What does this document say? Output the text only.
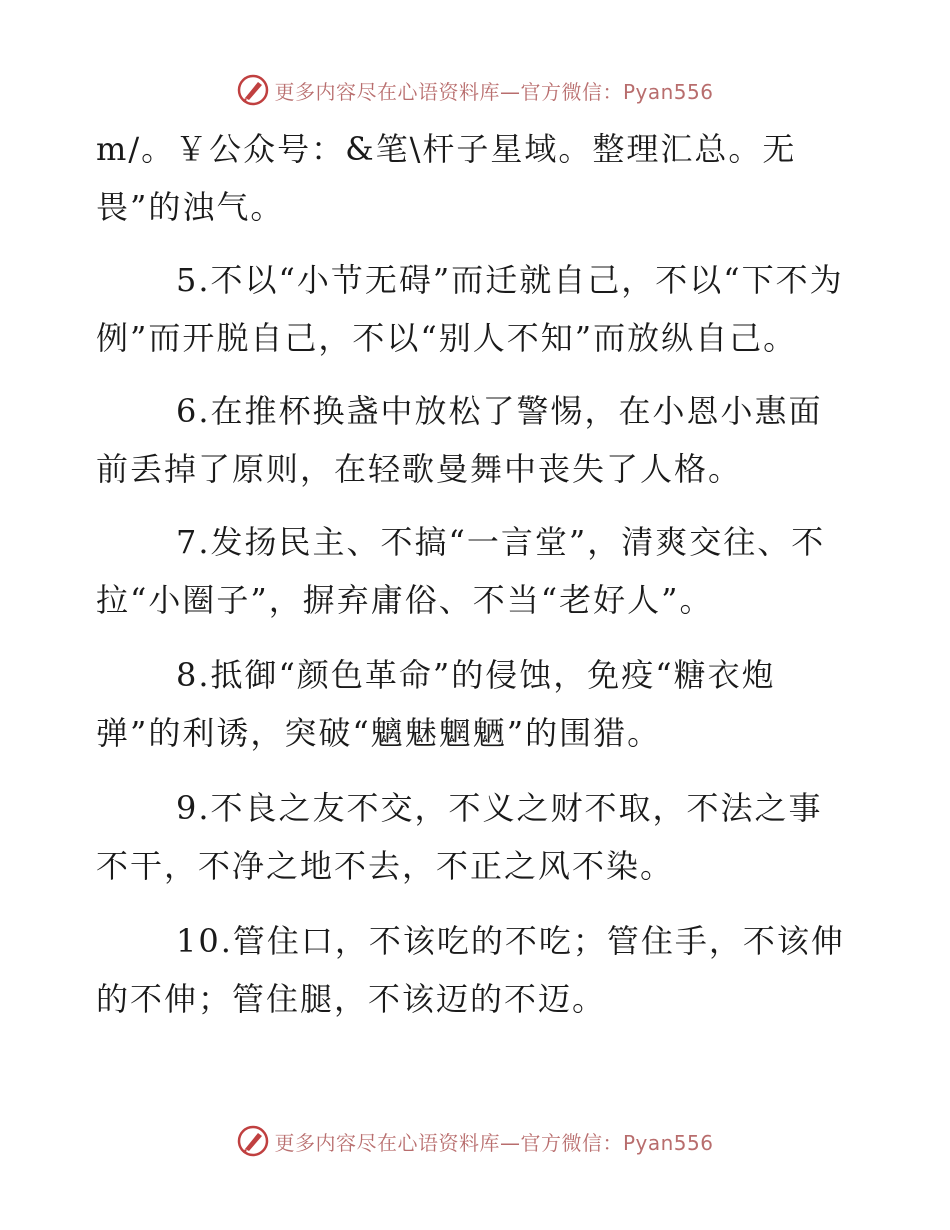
更多内容尽在心语资料库—官方微信：Pyan556

m/。￥公众号：&笔\杆子星域。整理汇总。无畏”的浊气。

5.不以“小节无碍”而迁就自己，不以“下不为例”而开脱自己，不以“别人不知”而放纵自己。

6.在推杯换盏中放松了警惕，在小恩小惠面前丢掉了原则，在轻歌曼舞中丧失了人格。

7.发扬民主、不搞“一言堂”，清爽交往、不拉“小圈子”，摒弃庸俗、不当“老好人”。

8.抵御“颜色革命”的侵蚀，免疫“糖衣炮弹”的利诱，突破“魑魅魍魉”的围猎。

9.不良之友不交，不义之财不取，不法之事不干，不净之地不去，不正之风不染。

10.管住口，不该吃的不吃；管住手，不该伸的不伸；管住腿，不该迈的不迈。

更多内容尽在心语资料库—官方微信：Pyan556
